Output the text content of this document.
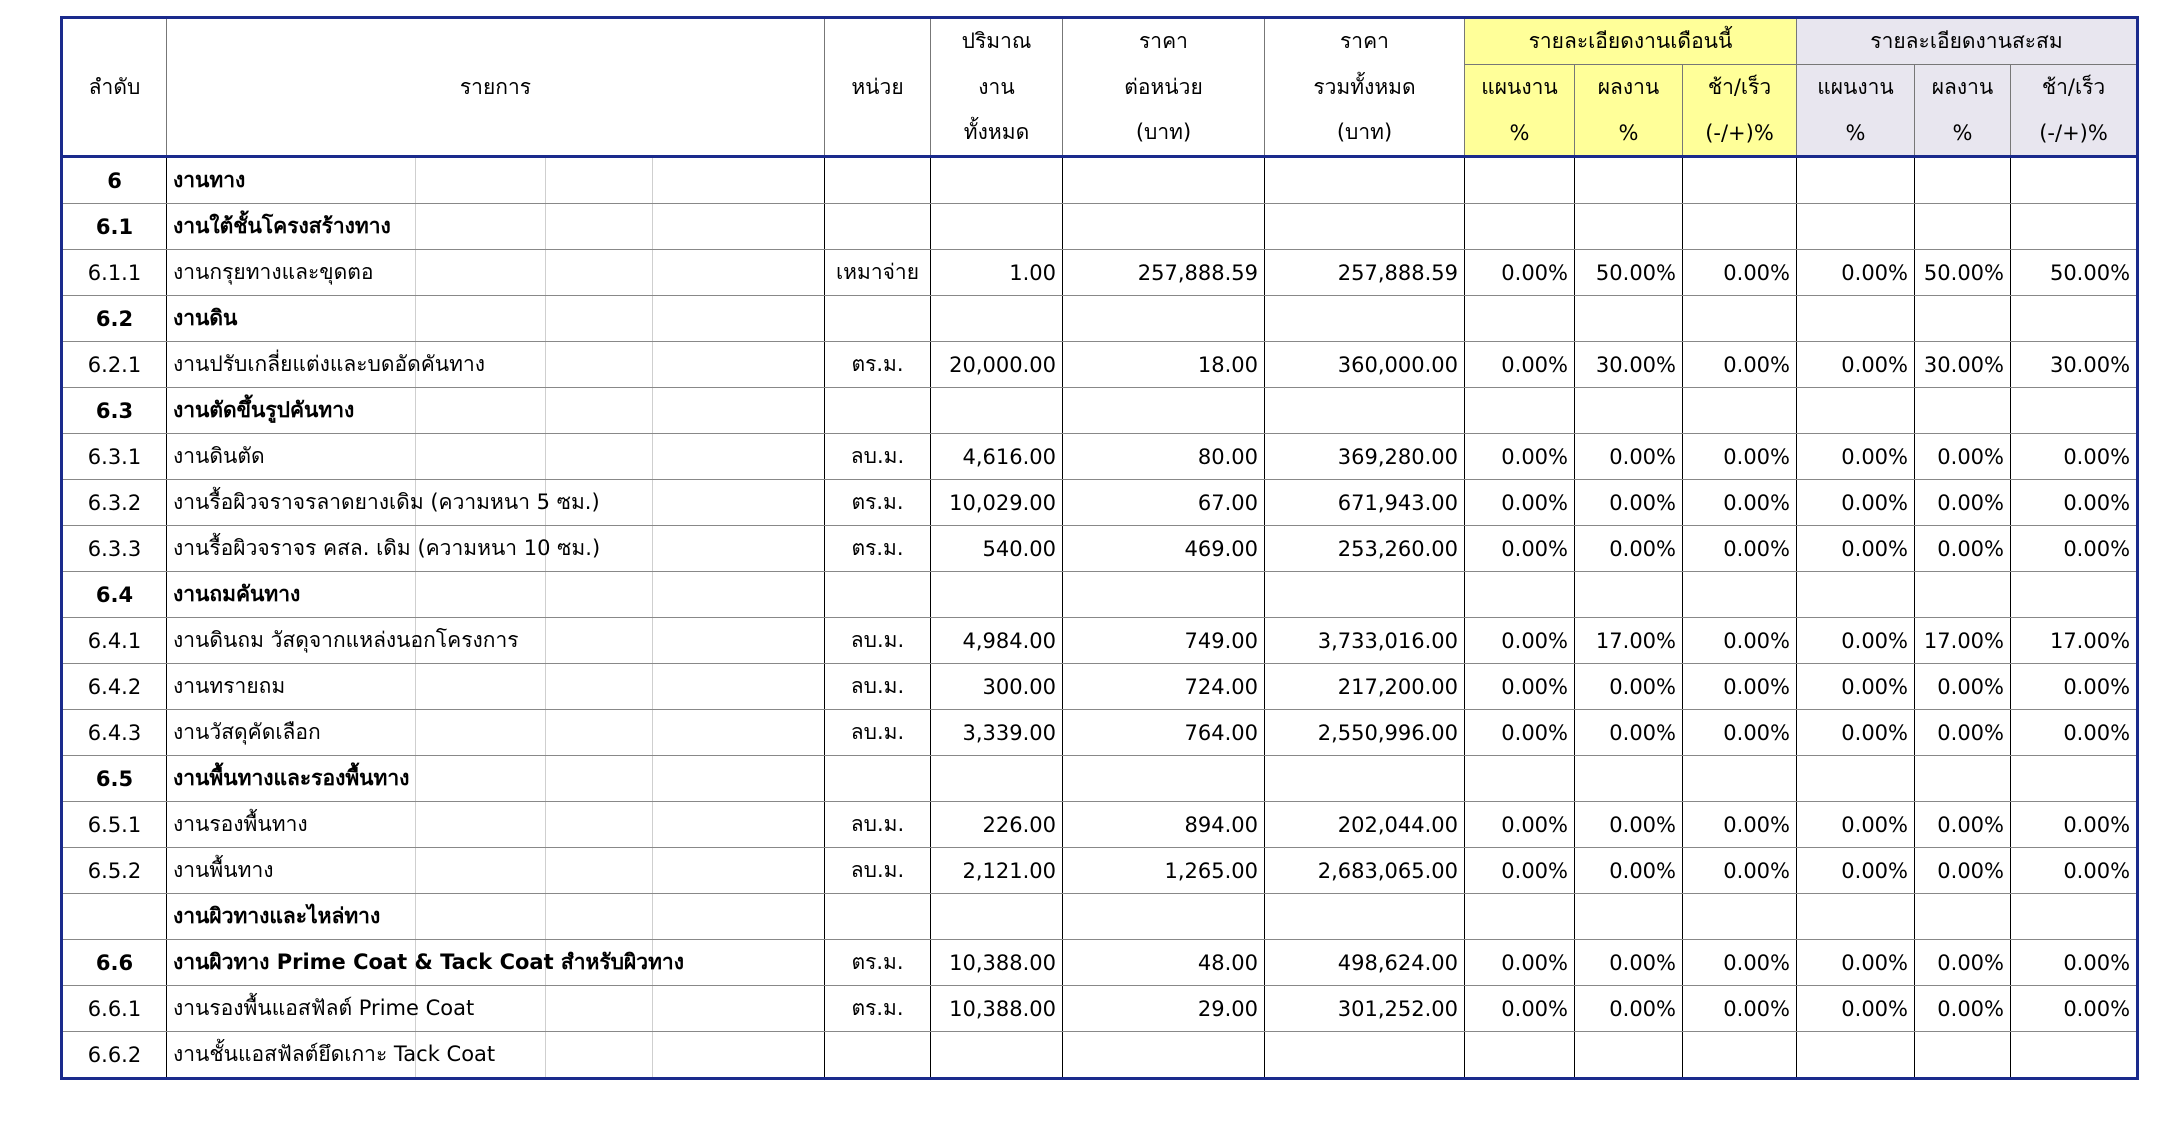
ลำดับ	รายการ	หน่วย	ปริมาณ	ราคา	ราคา	รายละเอียดงานเดือนนี้			รายละเอียดงานสะสม		
			งาน	ต่อหน่วย	รวมทั้งหมด	แผนงาน	ผลงาน	ช้า/เร็ว	แผนงาน	ผลงาน	ช้า/เร็ว
			ทั้งหมด	(บาท)	(บาท)	%	%	(-/+)%	%	%	(-/+)%
6	งานทาง										

6.1	งานใต้ชั้นโครงสร้างทาง										

6.1.1	งานกรุยทางและขุดตอ	เหมาจ่าย	1.00	257,888.59	257,888.59	0.00%	50.00%	0.00%	0.00%	50.00%	50.00%
6.2	งานดิน										

6.2.1	งานปรับเกลี่ยแต่งและบดอัดคันทาง	ตร.ม.	20,000.00	18.00	360,000.00	0.00%	30.00%	0.00%	0.00%	30.00%	30.00%
6.3	งานตัดขึ้นรูปคันทาง										

6.3.1	งานดินตัด	ลบ.ม.	4,616.00	80.00	369,280.00	0.00%	0.00%	0.00%	0.00%	0.00%	0.00%
6.3.2	งานรื้อผิวจราจรลาดยางเดิม (ความหนา 5 ซม.)	ตร.ม.	10,029.00	67.00	671,943.00	0.00%	0.00%	0.00%	0.00%	0.00%	0.00%
6.3.3	งานรื้อผิวจราจร คสล. เดิม (ความหนา 10 ซม.)	ตร.ม.	540.00	469.00	253,260.00	0.00%	0.00%	0.00%	0.00%	0.00%	0.00%
6.4	งานถมคันทาง										

6.4.1	งานดินถม วัสดุจากแหล่งนอกโครงการ	ลบ.ม.	4,984.00	749.00	3,733,016.00	0.00%	17.00%	0.00%	0.00%	17.00%	17.00%
6.4.2	งานทรายถม	ลบ.ม.	300.00	724.00	217,200.00	0.00%	0.00%	0.00%	0.00%	0.00%	0.00%
6.4.3	งานวัสดุคัดเลือก	ลบ.ม.	3,339.00	764.00	2,550,996.00	0.00%	0.00%	0.00%	0.00%	0.00%	0.00%
6.5	งานพื้นทางและรองพื้นทาง										

6.5.1	งานรองพื้นทาง	ลบ.ม.	226.00	894.00	202,044.00	0.00%	0.00%	0.00%	0.00%	0.00%	0.00%
6.5.2	งานพื้นทาง	ลบ.ม.	2,121.00	1,265.00	2,683,065.00	0.00%	0.00%	0.00%	0.00%	0.00%	0.00%

งานผิวทางและไหล่ทาง										

6.6	งานผิวทาง Prime Coat & Tack Coat สำหรับผิวทาง	ตร.ม.	10,388.00	48.00	498,624.00	0.00%	0.00%	0.00%	0.00%	0.00%	0.00%
6.6.1	งานรองพื้นแอสฟัลต์ Prime Coat	ตร.ม.	10,388.00	29.00	301,252.00	0.00%	0.00%	0.00%	0.00%	0.00%	0.00%
6.6.2	งานชั้นแอสฟัลต์ยึดเกาะ Tack Coat										
